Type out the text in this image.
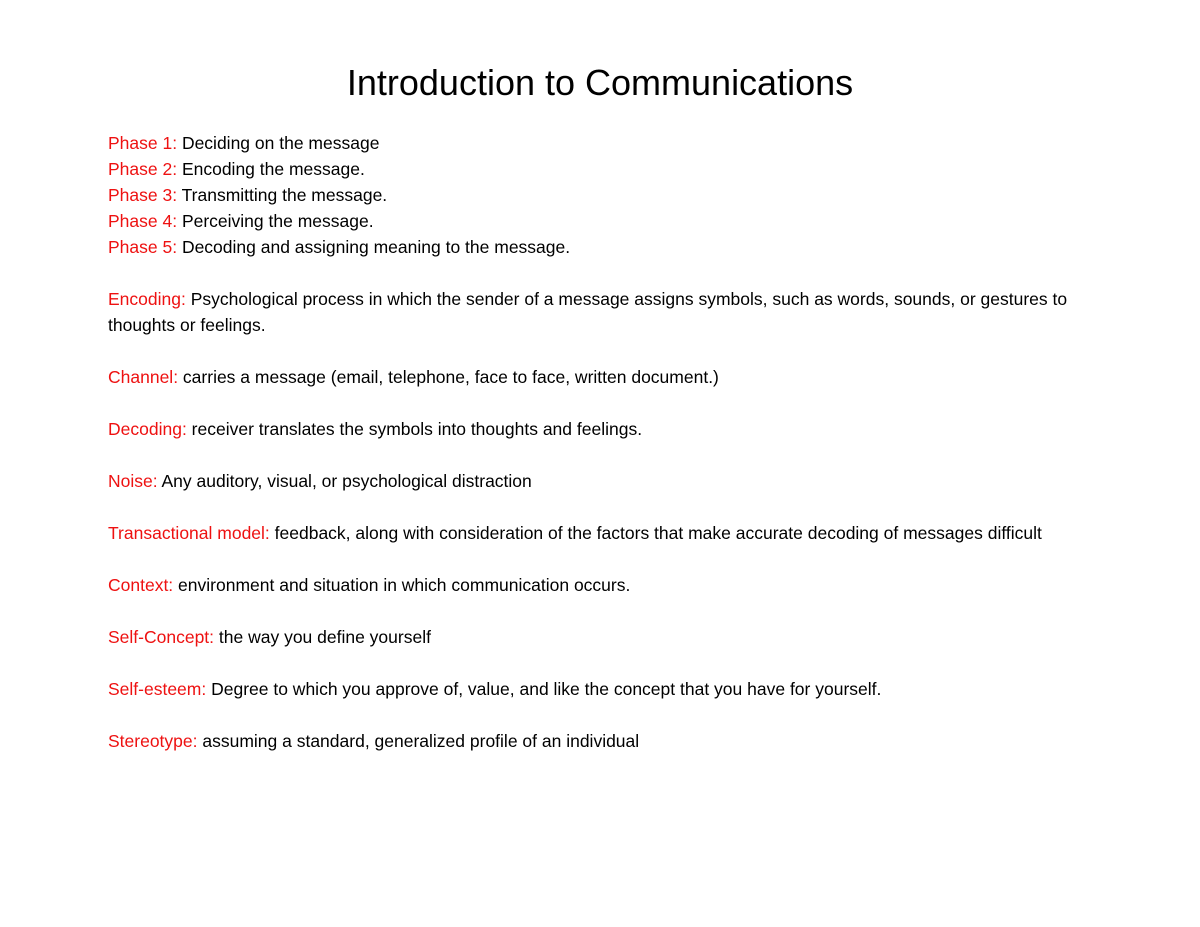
Introduction to Communications

Phase 1: Deciding on the message

Phase 2: Encoding the message.

Phase 3: Transmitting the message.

Phase 4: Perceiving the message.

Phase 5: Decoding and assigning meaning to the message.

Encoding: Psychological process in which the sender of a message assigns symbols, such as words, sounds, or gestures to thoughts or feelings.

Channel: carries a message (email, telephone, face to face, written document.)

Decoding: receiver translates the symbols into thoughts and feelings.

Noise: Any auditory, visual, or psychological distraction

Transactional model: feedback, along with consideration of the factors that make accurate decoding of messages difficult

Context: environment and situation in which communication occurs.

Self-Concept: the way you define yourself

Self-esteem: Degree to which you approve of, value, and like the concept that you have for yourself.

Stereotype: assuming a standard, generalized profile of an individual
